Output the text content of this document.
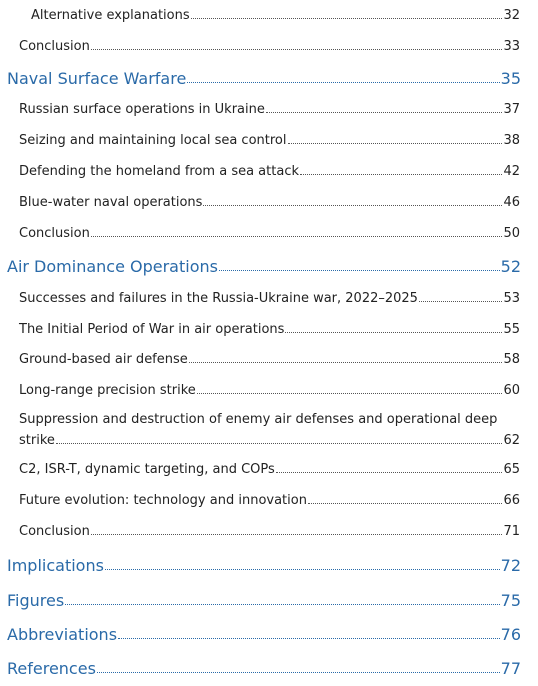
Alternative explanations	32
Conclusion	33
Naval Surface Warfare	35
Russian surface operations in Ukraine	37
Seizing and maintaining local sea control	38
Defending the homeland from a sea attack	42
Blue-water naval operations	46
Conclusion	50
Air Dominance Operations	52
Successes and failures in the Russia-Ukraine war, 2022–2025	53
The Initial Period of War in air operations	55
Ground-based air defense	58
Long-range precision strike	60
Suppression and destruction of enemy air defenses and operational deep
strike	62
C2, ISR-T, dynamic targeting, and COPs	65
Future evolution: technology and innovation	66
Conclusion	71
Implications	72
Figures	75
Abbreviations	76
References	77
